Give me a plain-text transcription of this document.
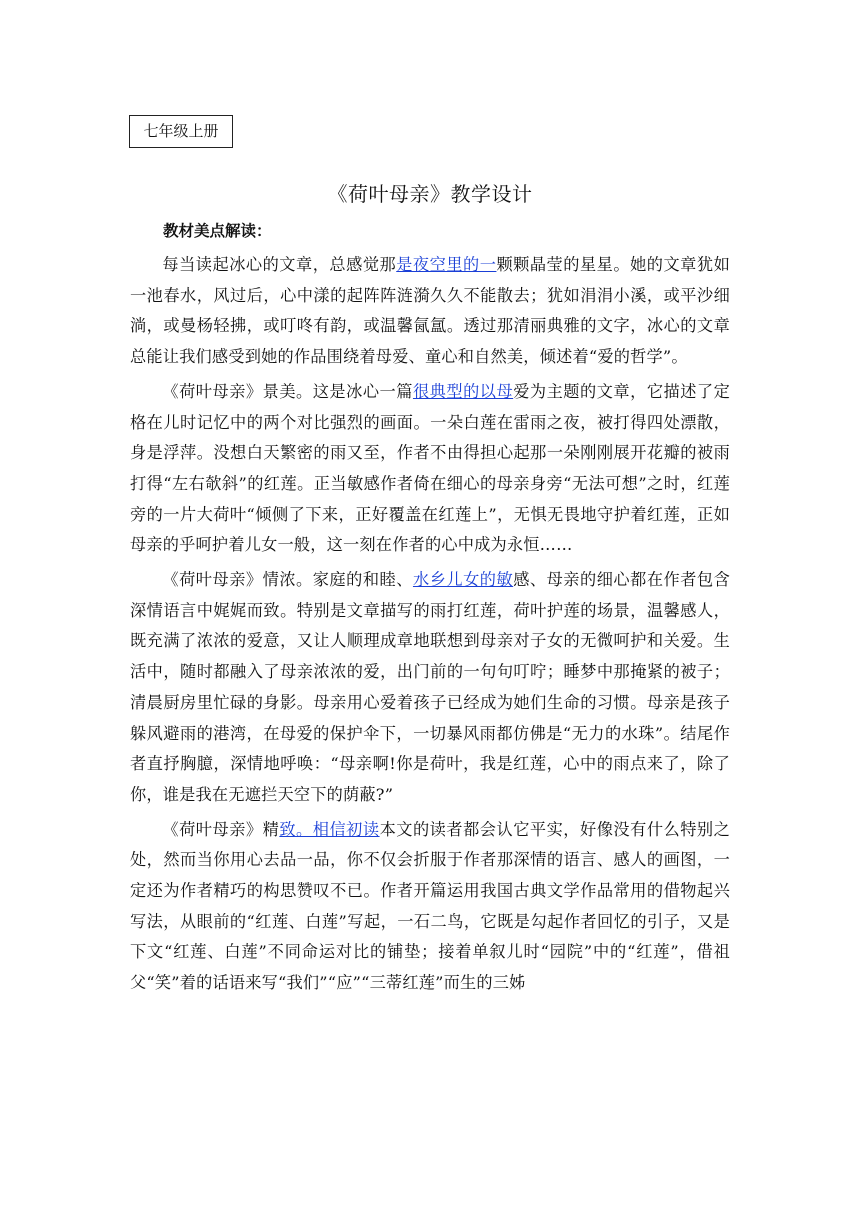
七年级上册
《荷叶母亲》教学设计
教材美点解读：

每当读起冰心的文章，总感觉那是夜空里的一颗颗晶莹的星星。她的文章犹如一池春水，风过后，心中漾的起阵阵涟漪久久不能散去；犹如涓涓小溪，或平沙细淌，或曼杨轻拂，或叮咚有韵，或温馨氤氲。透过那清丽典雅的文字，冰心的文章总能让我们感受到她的作品围绕着母爱、童心和自然美，倾述着“爱的哲学”。

《荷叶母亲》景美。这是冰心一篇很典型的以母爱为主题的文章，它描述了定格在儿时记忆中的两个对比强烈的画面。一朵白莲在雷雨之夜，被打得四处漂散，身是浮萍。没想白天繁密的雨又至，作者不由得担心起那一朵刚刚展开花瓣的被雨打得“左右欹斜”的红莲。正当敏感作者倚在细心的母亲身旁“无法可想”之时，红莲旁的一片大荷叶“倾侧了下来，正好覆盖在红莲上”，无惧无畏地守护着红莲，正如母亲的乎呵护着儿女一般，这一刻在作者的心中成为永恒……

《荷叶母亲》情浓。家庭的和睦、水乡儿女的敏感、母亲的细心都在作者包含深情语言中娓娓而致。特别是文章描写的雨打红莲，荷叶护莲的场景，温馨感人，既充满了浓浓的爱意，又让人顺理成章地联想到母亲对子女的无微呵护和关爱。生活中，随时都融入了母亲浓浓的爱，出门前的一句句叮咛；睡梦中那掩紧的被子；清晨厨房里忙碌的身影。母亲用心爱着孩子已经成为她们生命的习惯。母亲是孩子躲风避雨的港湾，在母爱的保护伞下，一切暴风雨都仿佛是“无力的水珠”。结尾作者直抒胸臆，深情地呼唤：“母亲啊!你是荷叶，我是红莲，心中的雨点来了，除了你，谁是我在无遮拦天空下的荫蔽?”

《荷叶母亲》精致。相信初读本文的读者都会认它平实，好像没有什么特别之处，然而当你用心去品一品，你不仅会折服于作者那深情的语言、感人的画图，一定还为作者精巧的构思赞叹不已。作者开篇运用我国古典文学作品常用的借物起兴写法，从眼前的“红莲、白莲”写起，一石二鸟，它既是勾起作者回忆的引子，又是下文“红莲、白莲”不同命运对比的铺垫；接着单叙儿时“园院”中的“红莲”，借祖父“笑”着的话语来写“我们”“应”“三蒂红莲”而生的三姊
